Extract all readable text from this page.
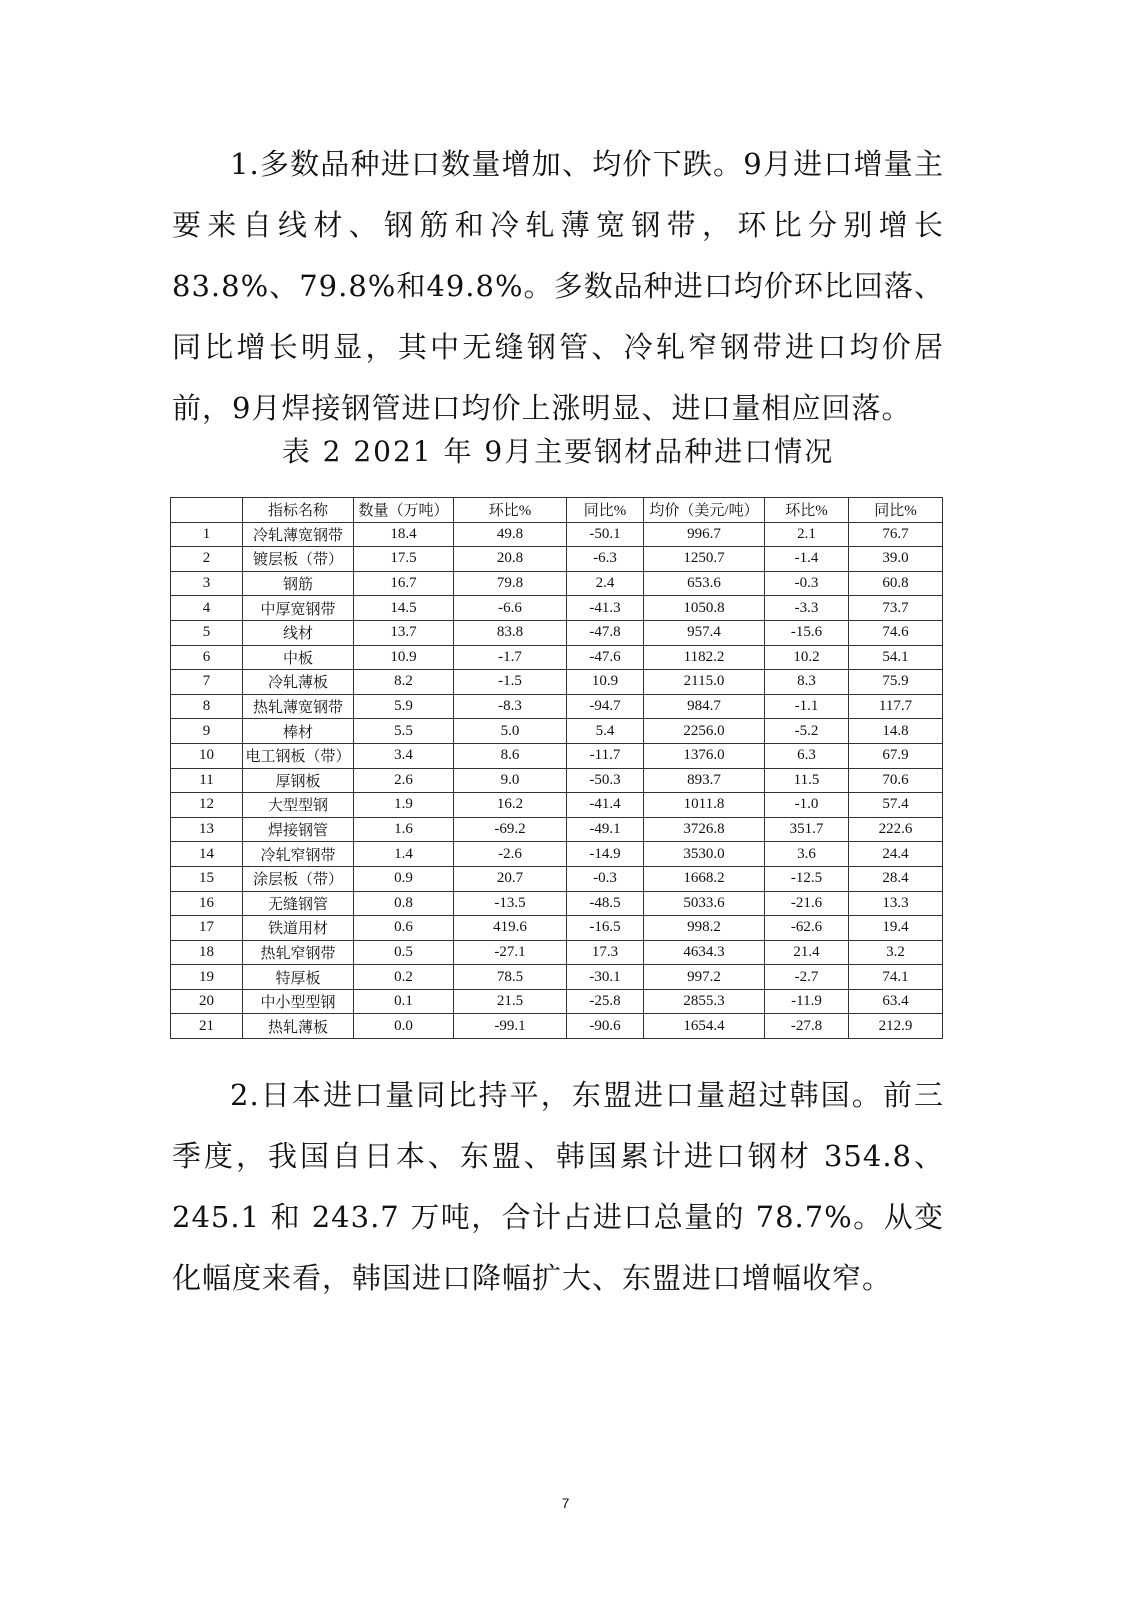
1.多数品种进口数量增加、均价下跌。9月进口增量主要来自线材、钢筋和冷轧薄宽钢带，环比分别增长83.8%、79.8%和49.8%。多数品种进口均价环比回落、同比增长明显，其中无缝钢管、冷轧窄钢带进口均价居前，9月焊接钢管进口均价上涨明显、进口量相应回落。

表 2 2021 年 9月主要钢材品种进口情况

	指标名称	数量（万吨）	环比%	同比%	均价（美元/吨）	环比%	同比%
1	冷轧薄宽钢带	18.4	49.8	-50.1	996.7	2.1	76.7
2	镀层板（带）	17.5	20.8	-6.3	1250.7	-1.4	39.0
3	钢筋	16.7	79.8	2.4	653.6	-0.3	60.8
4	中厚宽钢带	14.5	-6.6	-41.3	1050.8	-3.3	73.7
5	线材	13.7	83.8	-47.8	957.4	-15.6	74.6
6	中板	10.9	-1.7	-47.6	1182.2	10.2	54.1
7	冷轧薄板	8.2	-1.5	10.9	2115.0	8.3	75.9
8	热轧薄宽钢带	5.9	-8.3	-94.7	984.7	-1.1	117.7
9	棒材	5.5	5.0	5.4	2256.0	-5.2	14.8
10	电工钢板（带）	3.4	8.6	-11.7	1376.0	6.3	67.9
11	厚钢板	2.6	9.0	-50.3	893.7	11.5	70.6
12	大型型钢	1.9	16.2	-41.4	1011.8	-1.0	57.4
13	焊接钢管	1.6	-69.2	-49.1	3726.8	351.7	222.6
14	冷轧窄钢带	1.4	-2.6	-14.9	3530.0	3.6	24.4
15	涂层板（带）	0.9	20.7	-0.3	1668.2	-12.5	28.4
16	无缝钢管	0.8	-13.5	-48.5	5033.6	-21.6	13.3
17	铁道用材	0.6	419.6	-16.5	998.2	-62.6	19.4
18	热轧窄钢带	0.5	-27.1	17.3	4634.3	21.4	3.2
19	特厚板	0.2	78.5	-30.1	997.2	-2.7	74.1
20	中小型型钢	0.1	21.5	-25.8	2855.3	-11.9	63.4
21	热轧薄板	0.0	-99.1	-90.6	1654.4	-27.8	212.9

2.日本进口量同比持平，东盟进口量超过韩国。前三季度，我国自日本、东盟、韩国累计进口钢材 354.8、245.1 和 243.7 万吨，合计占进口总量的 78.7%。从变化幅度来看，韩国进口降幅扩大、东盟进口增幅收窄。

7
